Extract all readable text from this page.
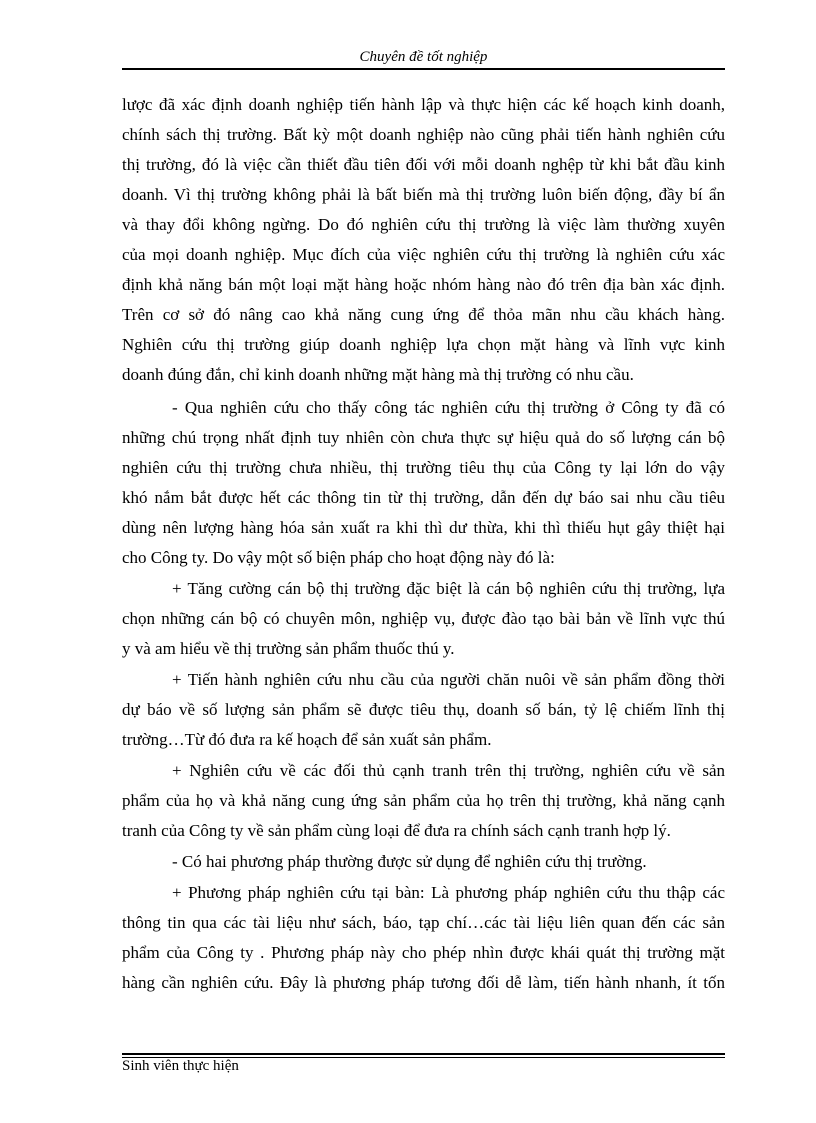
Chuyên đề tốt nghiệp
lược đã xác định doanh nghiệp tiến hành lập và thực hiện các kế hoạch kinh doanh,
chính sách thị trường. Bất kỳ một doanh nghiệp nào cũng phải tiến hành nghiên cứu
thị trường, đó là việc cần thiết đầu tiên đối với mỗi doanh nghệp từ khi bắt đầu kinh
doanh. Vì thị trường không phải là bất biến mà thị trường luôn biến động, đầy bí ẩn
và thay đổi không ngừng. Do đó nghiên cứu thị trường là việc làm thường xuyên
của mọi doanh nghiệp. Mục đích của việc nghiên cứu thị trường là nghiên cứu xác
định khả năng bán một loại mặt hàng hoặc nhóm hàng nào đó trên địa bàn xác định.
Trên cơ sở đó nâng cao khả năng cung ứng để thỏa mãn nhu cầu khách hàng.
Nghiên cứu thị trường giúp doanh nghiệp lựa chọn mặt hàng và lĩnh vực kinh
doanh đúng đắn, chỉ kinh doanh những mặt hàng mà thị trường có nhu cầu.
- Qua nghiên cứu cho thấy công tác nghiên cứu thị trường ở Công ty đã có
những chú trọng nhất định tuy nhiên còn chưa thực sự hiệu quả do số lượng cán bộ
nghiên cứu thị trường chưa nhiều, thị trường tiêu thụ của Công ty lại lớn do vậy
khó nắm bắt được hết các thông tin từ thị trường, dẫn đến dự báo sai nhu cầu tiêu
dùng nên lượng hàng hóa sản xuất ra khi thì dư thừa, khi thì thiếu hụt gây thiệt hại
cho Công ty. Do vậy một số biện pháp cho hoạt động này đó là:
+ Tăng cường cán bộ thị trường đặc biệt là cán bộ nghiên cứu thị trường, lựa
chọn những cán bộ có chuyên môn, nghiệp vụ, được đào tạo bài bản về lĩnh vực thú
y và am hiểu về thị trường sản phẩm thuốc thú y.
+ Tiến hành nghiên cứu nhu cầu của người chăn nuôi về sản phẩm đồng thời
dự báo về số lượng sản phẩm sẽ được tiêu thụ, doanh số bán, tỷ lệ chiếm lĩnh thị
trường…Từ đó đưa ra kế hoạch để sản xuất sản phẩm.
+ Nghiên cứu về các đối thủ cạnh tranh trên thị trường, nghiên cứu về sản
phẩm của họ và khả năng cung ứng sản phẩm của họ trên thị trường, khả năng cạnh
tranh của Công ty về sản phẩm cùng loại để đưa ra chính sách cạnh tranh hợp lý.
- Có hai phương pháp thường được sử dụng để nghiên cứu thị trường.
+ Phương pháp nghiên cứu tại bàn: Là phương pháp nghiên cứu thu thập các
thông tin qua các tài liệu như sách, báo, tạp chí…các tài liệu liên quan đến các sản
phẩm của Công ty . Phương pháp này cho phép nhìn được khái quát thị trường mặt
hàng cần nghiên cứu. Đây là phương pháp tương đối dễ làm, tiến hành nhanh, ít tốn
Sinh viên thực hiện
